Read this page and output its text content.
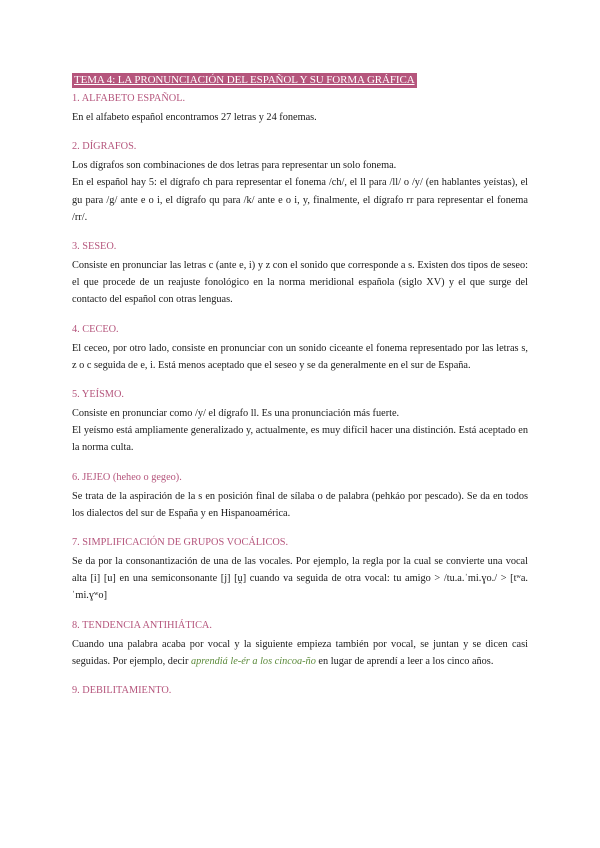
TEMA 4: LA PRONUNCIACIÓN DEL ESPAÑOL Y SU FORMA GRÁFICA
1. ALFABETO ESPAÑOL.

En el alfabeto español encontramos 27 letras y 24 fonemas.

2. DÍGRAFOS.

Los dígrafos son combinaciones de dos letras para representar un solo fonema.

En el español hay 5: el dígrafo ch para representar el fonema /ch/, el ll para /ll/ o /y/ (en hablantes yeístas), el gu para /g/ ante e o i, el dígrafo qu para /k/ ante e o i, y, finalmente, el dígrafo rr para representar el fonema /rr/.

3. SESEO.

Consiste en pronunciar las letras c (ante e, i) y z con el sonido que corresponde a s. Existen dos tipos de seseo: el que procede de un reajuste fonológico en la norma meridional española (siglo XV) y el que surge del contacto del español con otras lenguas.

4. CECEO.

El ceceo, por otro lado, consiste en pronunciar con un sonido ciceante el fonema representado por las letras s, z o c seguida de e, i. Está menos aceptado que el seseo y se da generalmente en el sur de España.

5. YEÍSMO.

Consiste en pronunciar como /y/ el dígrafo ll. Es una pronunciación más fuerte.

El yeísmo está ampliamente generalizado y, actualmente, es muy difícil hacer una distinción. Está aceptado en la norma culta.

6. JEJEO (heheo o gegeo).

Se trata de la aspiración de la s en posición final de sílaba o de palabra (pehkáo por pescado). Se da en todos los dialectos del sur de España y en Hispanoamérica.

7. SIMPLIFICACIÓN DE GRUPOS VOCÁLICOS.

Se da por la consonantización de una de las vocales. Por ejemplo, la regla por la cual se convierte una vocal alta [i] [u] en una semiconsonante [j] [ṷ] cuando va seguida de otra vocal: tu amigo > /tu.a.ˈmi.ɣo./ > [tʷa.ˈmi.ɣʷo]

8. TENDENCIA ANTIHIÁTICA.

Cuando una palabra acaba por vocal y la siguiente empieza también por vocal, se juntan y se dicen casi seguidas. Por ejemplo, decir aprendiá le-ér a los cincoa-ño en lugar de aprendí a leer a los cinco años.

9. DEBILITAMIENTO.
